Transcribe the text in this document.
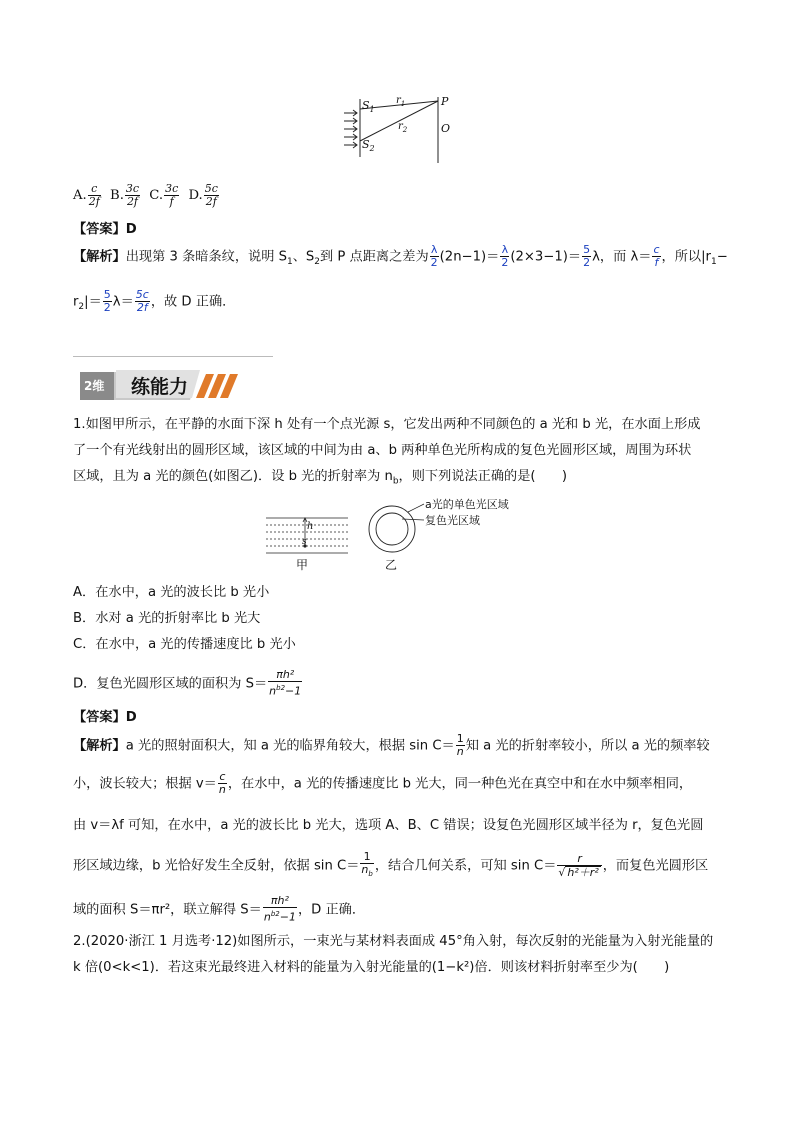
$S_1$
$S_2$
$r_1$
$r_2$
P
O
A. $\frac{c}{2f} B$. $\frac{3c}{2f} C$. $\frac{3c}{f} D$. $\frac{5c}{2f}$
【答案】D
【解析】出现第 3 条暗条纹，说明 $S_1$、$S_2$到 P 点距离之差为 $\frac{\lambda}{2} (2n-1)= \frac{\lambda}{2} (2\times 3-1)= \frac{5}{2}$ λ，而 $\lambda= \frac{c}{f}$ ，所以$|r_1-$
$r_2|= \frac{5}{2} \lambda= \frac{5c}{2f}$ ，故 D 正确．
2维 练能力
1.如图甲所示，在平静的水面下深 h 处有一个点光源 s，它发出两种不同颜色的 a 光和 b 光，在水面上形成
了一个有光线射出的圆形区域，该区域的中间为由 a、b 两种单色光所构成的复色光圆形区域，周围为环状
区域，且为 a 光的颜色(如图乙)．设 b 光的折射率为 $n_b$，则下列说法正确的是(　　)
h
s
甲
a光的单色光区域
复色光区域
乙
A．在水中，a 光的波长比 b 光小
B．水对 a 光的折射率比 b 光大
C．在水中，a 光的传播速度比 b 光小
D．复色光圆形区域的面积为 $S= \frac{\text{πh²}}{n^{b2}-1}$
【答案】D
【解析】a 光的照射面积大，知 a 光的临界角较大，根据 $\sin C= \frac{1}{n}$ 知 a 光的折射率较小，所以 a 光的频率较
小，波长较大；根据 $v= \frac{c}{n}$ ，在水中，a 光的传播速度比 b 光大，同一种色光在真空中和在水中频率相同，
由 v＝λf 可知，在水中，a 光的波长比 b 光大，选项 A、B、C 错误；设复色光圆形区域半径为 r，复色光圆
形区域边缘，b 光恰好发生全反射，依据 $\sin C= \frac{1}{n_b}$ ，结合几何关系，可知 $\sin C= \frac{r}{\text{√ h²＋r²}}$ ，而复色光圆形区
域的面积 S＝πr²，联立解得 $S= \frac{\text{πh²}}{n^{b2}-1}$ ，D 正确．
2.(2020·浙江 1 月选考·12)如图所示，一束光与某材料表面成 45°角入射，每次反射的光能量为入射光能量的
k 倍(0<k<1)．若这束光最终进入材料的能量为入射光能量的(1−k²)倍．则该材料折射率至少为(　　)
